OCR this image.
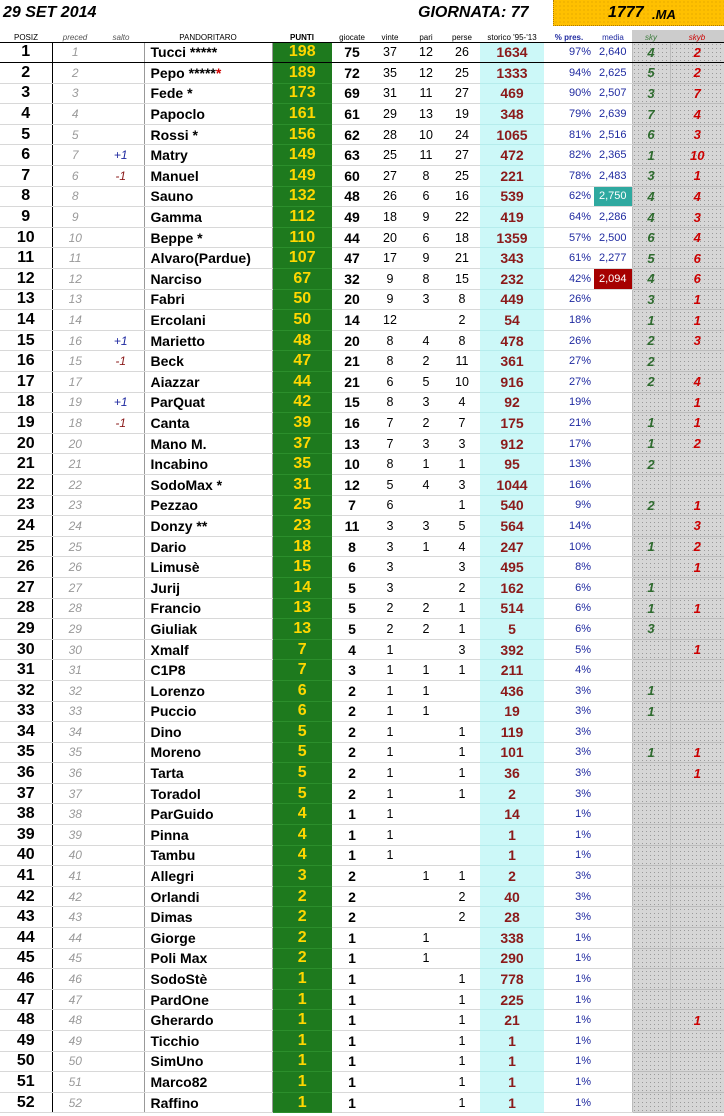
29 SET 2014	GIORNATA: 77	1777 .MA
POSIZ	preced	salto	PANDORITARO	PUNTI	giocate	vinte	pari	perse	storico '95-'13	% pres.	media	sky	skyb
1	1		Tucci *****	198	75	37	12	26	1634	97%	2,640	4	2
2	2		Pepo ******	189	72	35	12	25	1333	94%	2,625	5	2
3	3		Fede *	173	69	31	11	27	469	90%	2,507	3	7
4	4		Papoclo	161	61	29	13	19	348	79%	2,639	7	4
5	5		Rossi *	156	62	28	10	24	1065	81%	2,516	6	3
6	7	+1	Matry	149	63	25	11	27	472	82%	2,365	1	10
7	6	-1	Manuel	149	60	27	8	25	221	78%	2,483	3	1
8	8		Sauno	132	48	26	6	16	539	62%	2,750	4	4
9	9		Gamma	112	49	18	9	22	419	64%	2,286	4	3
10	10		Beppe *	110	44	20	6	18	1359	57%	2,500	6	4
11	11		Alvaro(Pardue)	107	47	17	9	21	343	61%	2,277	5	6
12	12		Narciso	67	32	9	8	15	232	42%	2,094	4	6
13	13		Fabri	50	20	9	3	8	449	26%		3	1
14	14		Ercolani	50	14	12		2	54	18%		1	1
15	16	+1	Marietto	48	20	8	4	8	478	26%		2	3
16	15	-1	Beck	47	21	8	2	11	361	27%		2	
17	17		Aiazzar	44	21	6	5	10	916	27%		2	4
18	19	+1	ParQuat	42	15	8	3	4	92	19%			1
19	18	-1	Canta	39	16	7	2	7	175	21%		1	1
20	20		Mano M.	37	13	7	3	3	912	17%		1	2
21	21		Incabino	35	10	8	1	1	95	13%		2	
22	22		SodoMax *	31	12	5	4	3	1044	16%			
23	23		Pezzao	25	7	6		1	540	9%		2	1
24	24		Donzy **	23	11	3	3	5	564	14%			3
25	25		Dario	18	8	3	1	4	247	10%		1	2
26	26		Limusè	15	6	3		3	495	8%			1
27	27		Jurij	14	5	3		2	162	6%		1	
28	28		Francio	13	5	2	2	1	514	6%		1	1
29	29		Giuliak	13	5	2	2	1	5	6%		3	
30	30		Xmalf	7	4	1		3	392	5%			1
31	31		C1P8	7	3	1	1	1	211	4%			
32	32		Lorenzo	6	2	1	1		436	3%		1	
33	33		Puccio	6	2	1	1		19	3%		1	
34	34		Dino	5	2	1		1	119	3%			
35	35		Moreno	5	2	1		1	101	3%		1	1
36	36		Tarta	5	2	1		1	36	3%			1
37	37		Toradol	5	2	1		1	2	3%			
38	38		ParGuido	4	1	1			14	1%			
39	39		Pinna	4	1	1			1	1%			
40	40		Tambu	4	1	1			1	1%			
41	41		Allegri	3	2		1	1	2	3%			
42	42		Orlandi	2	2			2	40	3%			
43	43		Dimas	2	2			2	28	3%			
44	44		Giorge	2	1		1		338	1%			
45	45		Poli Max	2	1		1		290	1%			
46	46		SodoStè	1	1			1	778	1%			
47	47		PardOne	1	1			1	225	1%			
48	48		Gherardo	1	1			1	21	1%			1
49	49		Ticchio	1	1			1	1	1%			
50	50		SimUno	1	1			1	1	1%			
51	51		Marco82	1	1			1	1	1%			
52	52		Raffino	1	1			1	1	1%			
